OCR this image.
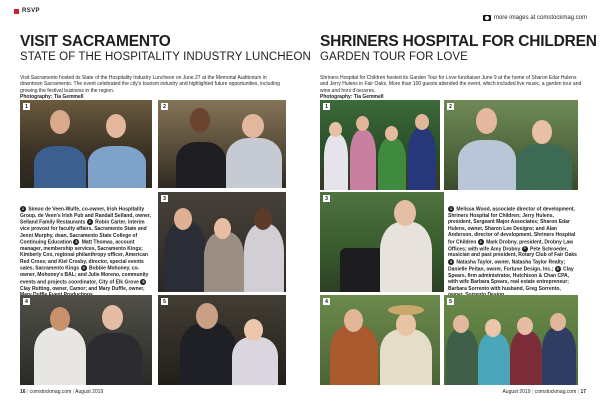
RSVP
more images at comstockmag.com
VISIT SACRAMENTO
STATE OF THE HOSPITALITY INDUSTRY LUNCHEON
Visit Sacramento hosted its State of the Hospitality Industry Luncheon on June 27 at the Memorial Auditorium in downtown Sacramento. The event celebrated the city's tourism industry and highlighted future opportunities, including growing the festival business in the region.
Photography: Tia Gemmell
1	2
3
1 Simon de Veen-Wulfe, co-owner, Irish Hospitality Group, de Veen's Irish Pub and Randall Selland, owner, Selland Family Restaurants 2 Robin Carter, interim vice provost for faculty affairs, Sacramento State and Jenni Murphy, dean, Sacramento State College of Continuing Education 3 Matt Thomas, account manager, membership services, Sacramento Kings; Kimberly Cox, regional philanthropy officer, American Red Cross; and Kiel Crosby, director, special events sales, Sacramento Kings 4 Bobbie Mohoney, co-owner, Mohoney's BAL; and Julie Moreno, community events and projects coordinator, City of Elk Grove 5 Clay Rutting, owner, Camor; and Mary Duffle, owner,
4	5
16 | comstockmag.com | August 2019
SHRINERS HOSPITAL FOR CHILDREN
GARDEN TOUR FOR LOVE
Shriners Hospital for Children hosted its Garden Tour for Love fundraiser June 9 at the home of Sharon Edar Hulens and Jerry Hulens in Fair Oaks. More than 100 guests attended the event, which included live music, a garden tour and wine and hors d'oeuvres.
Photography: Tia Gemmell
1	2
3
1 Melissa Wood, associate director of development, Shriners Hospital for Children; Jerry Hulens, president, Sergeant Major Associates; Sharon Edar Hulens, owner, Sharon Lee Designs; and Alan Anderson, director of development, Shriners Hospital for Children 2 Mark Drobny, president, Drobny Law Offices; with wife Amy Drobny 3 Pete Schroeder, musician and past president, Rotary Club of Fair Oaks 4 Natasha Taylor, owner, Natasha Taylor Realty; Danielle Peitan, owner, Fortune Design, Inc.; 5 Clay Spears, firm administrator, Hutchison & Chan CPA, with wife Barbara Spears, real estate entrepreneur; Barbara Sorrento with husband, Greg Sorrento,
4	5
August 2019 | comstockmag.com | 17
